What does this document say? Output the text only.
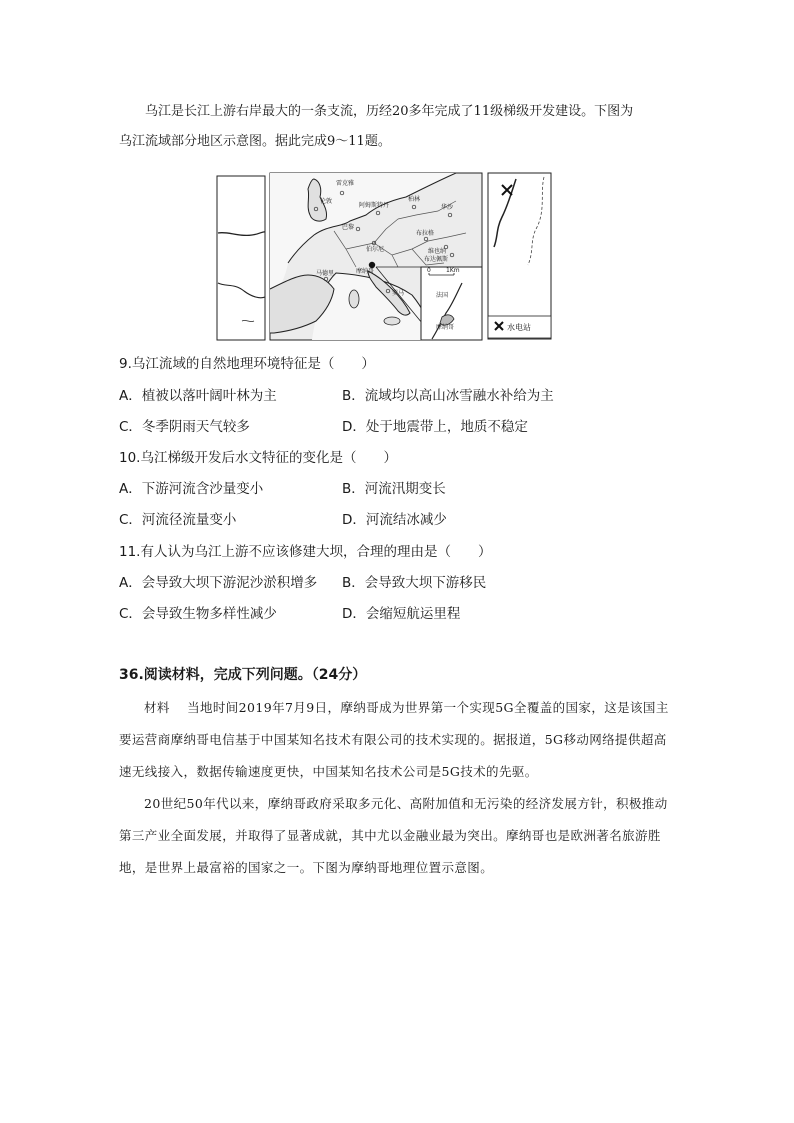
乌江是长江上游右岸最大的一条支流，历经20多年完成了11级梯级开发建设。下图为

乌江流域部分地区示意图。据此完成9～11题。

雷克雅
伦敦
阿姆斯特丹
柏林
华沙
巴黎
伯尔尼
布拉格
维也纳
布达佩斯
马德里	摩纳哥
罗马
0	1Km
法国
摩纳哥	水电站
9.乌江流域的自然地理环境特征是（　　）
A．植被以落叶阔叶林为主	B．流域均以高山冰雪融水补给为主
C．冬季阴雨天气较多	D．处于地震带上，地质不稳定
10.乌江梯级开发后水文特征的变化是（　　）
A．下游河流含沙量变小	B．河流汛期变长
C．河流径流量变小	D．河流结冰减少
11.有人认为乌江上游不应该修建大坝，合理的理由是（　　）
A．会导致大坝下游泥沙淤积增多 B．会导致大坝下游移民
C．会导致生物多样性减少	D．会缩短航运里程
36.阅读材料，完成下列问题。（24分）

材料　 当地时间2019年7月9日，摩纳哥成为世界第一个实现5G全覆盖的国家，这是该国主要运营商摩纳哥电信基于中国某知名技术有限公司的技术实现的。据报道，5G移动网络提供超高速无线接入，数据传输速度更快，中国某知名技术公司是5G技术的先驱。

20世纪50年代以来，摩纳哥政府采取多元化、高附加值和无污染的经济发展方针，积极推动第三产业全面发展，并取得了显著成就，其中尤以金融业最为突出。摩纳哥也是欧洲著名旅游胜地，是世界上最富裕的国家之一。下图为摩纳哥地理位置示意图。
